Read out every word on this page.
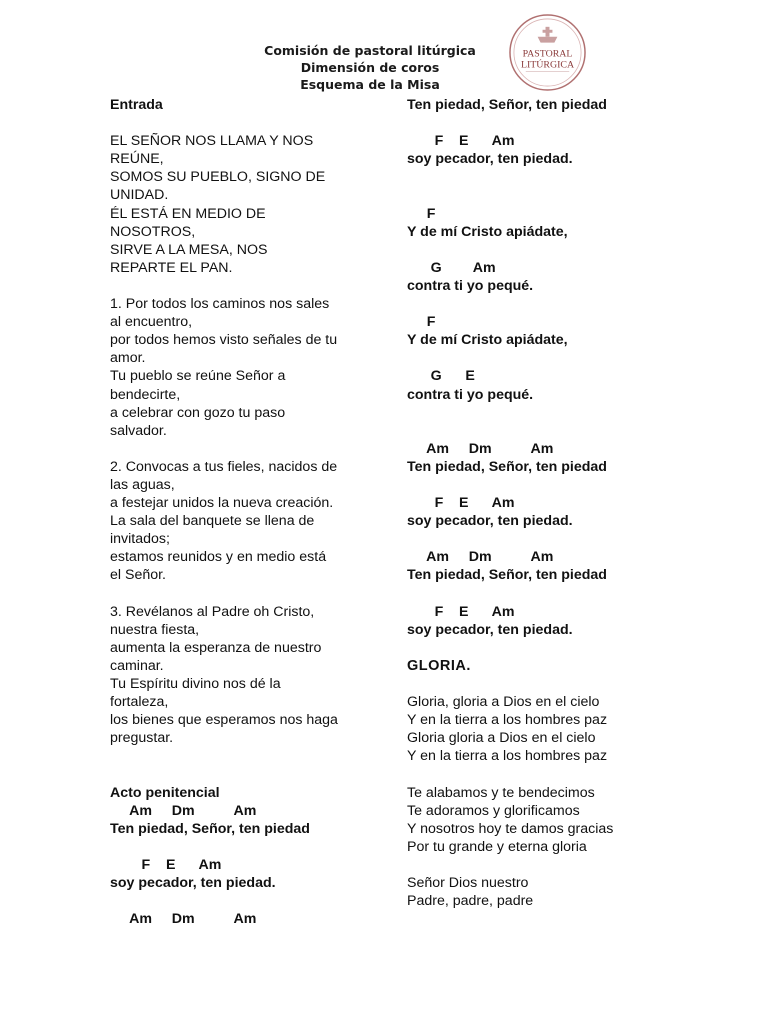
Comisión de pastoral litúrgica
Dimensión de coros
Esquema de la Misa
PASTORAL
LITÚRGICA
Entrada
EL SEÑOR NOS LLAMA Y NOS
REÚNE,
SOMOS SU PUEBLO, SIGNO DE
UNIDAD.
ÉL ESTÁ EN MEDIO DE
NOSOTROS,
SIRVE A LA MESA, NOS
REPARTE EL PAN.
1. Por todos los caminos nos sales
al encuentro,
por todos hemos visto señales de tu
amor.
Tu pueblo se reúne Señor a
bendecirte,
a celebrar con gozo tu paso
salvador.
2. Convocas a tus fieles, nacidos de
las aguas,
a festejar unidos la nueva creación.
La sala del banquete se llena de
invitados;
estamos reunidos y en medio está
el Señor.
3. Revélanos al Padre oh Cristo,
nuestra fiesta,
aumenta la esperanza de nuestro
caminar.
Tu Espíritu divino nos dé la
fortaleza,
los bienes que esperamos nos haga
pregustar.
Acto penitencial
Am     Dm          Am
Ten piedad, Señor, ten piedad
F    E      Am
soy pecador, ten piedad.
Am     Dm          Am
Ten piedad, Señor, ten piedad
F    E      Am
soy pecador, ten piedad.
F
Y de mí Cristo apiádate,
G        Am
contra ti yo pequé.
F
Y de mí Cristo apiádate,
G      E
contra ti yo pequé.
Am     Dm          Am
Ten piedad, Señor, ten piedad
F    E      Am
soy pecador, ten piedad.
Am     Dm          Am
Ten piedad, Señor, ten piedad
F    E      Am
soy pecador, ten piedad.
GLORIA.
Gloria, gloria a Dios en el cielo
Y en la tierra a los hombres paz
Gloria gloria a Dios en el cielo
Y en la tierra a los hombres paz
Te alabamos y te bendecimos
Te adoramos y glorificamos
Y nosotros hoy te damos gracias
Por tu grande y eterna gloria
Señor Dios nuestro
Padre, padre, padre
